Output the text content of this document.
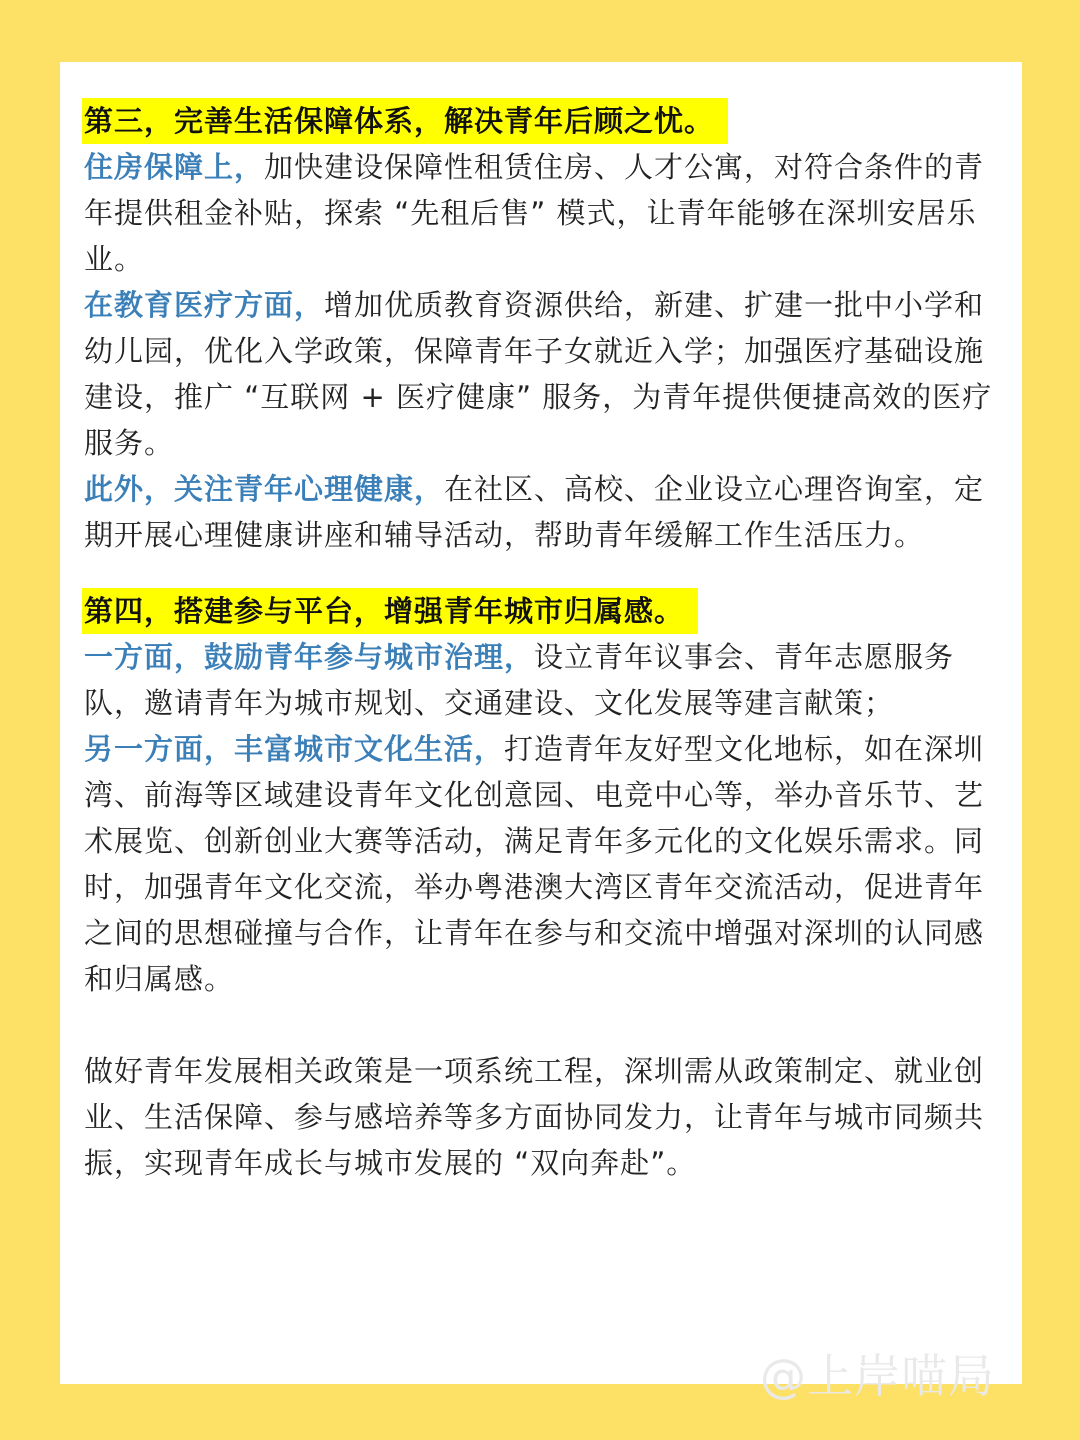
第三，完善生活保障体系，解决青年后顾之忧。

住房保障上，加快建设保障性租赁住房、人才公寓，对符合条件的青年提供租金补贴，探索 “先租后售” 模式，让青年能够在深圳安居乐业。

在教育医疗方面，增加优质教育资源供给，新建、扩建一批中小学和幼儿园，优化入学政策，保障青年子女就近入学；加强医疗基础设施建设，推广 “互联网 + 医疗健康” 服务，为青年提供便捷高效的医疗服务。

此外，关注青年心理健康，在社区、高校、企业设立心理咨询室，定期开展心理健康讲座和辅导活动，帮助青年缓解工作生活压力。

第四，搭建参与平台，增强青年城市归属感。

一方面，鼓励青年参与城市治理，设立青年议事会、青年志愿服务队，邀请青年为城市规划、交通建设、文化发展等建言献策；

另一方面，丰富城市文化生活，打造青年友好型文化地标，如在深圳湾、前海等区域建设青年文化创意园、电竞中心等，举办音乐节、艺术展览、创新创业大赛等活动，满足青年多元化的文化娱乐需求。同时，加强青年文化交流，举办粤港澳大湾区青年交流活动，促进青年之间的思想碰撞与合作，让青年在参与和交流中增强对深圳的认同感和归属感。

做好青年发展相关政策是一项系统工程，深圳需从政策制定、就业创业、生活保障、参与感培养等多方面协同发力，让青年与城市同频共振，实现青年成长与城市发展的 “双向奔赴”。

@上岸喵局
